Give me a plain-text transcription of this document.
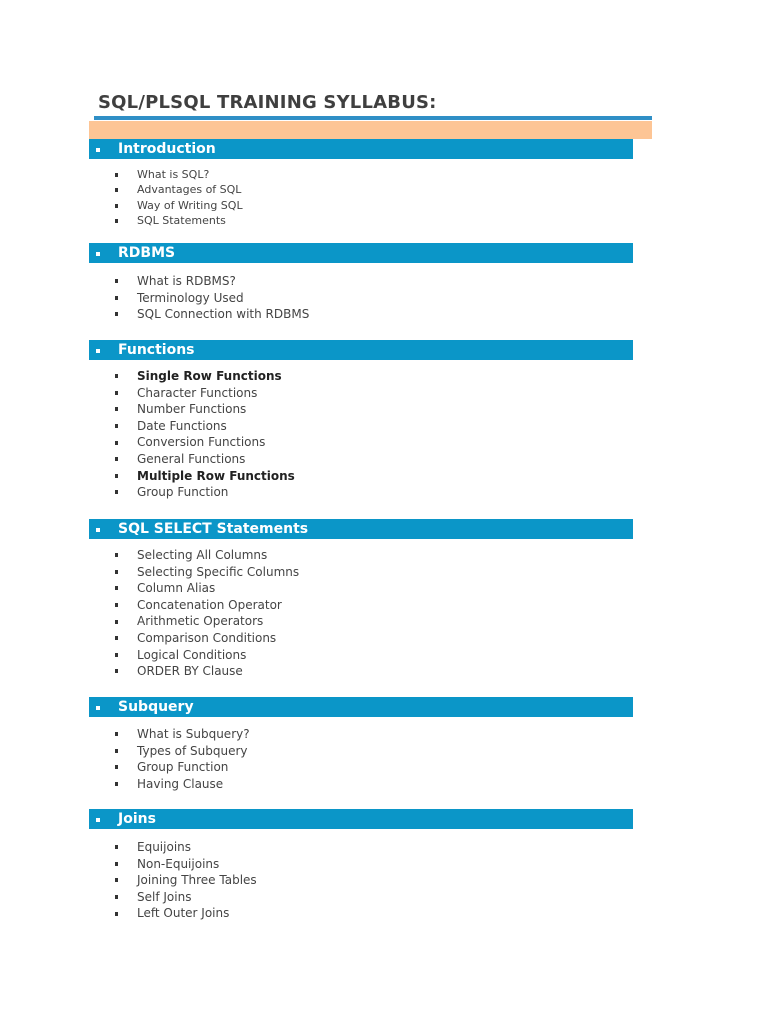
SQL/PLSQL TRAINING SYLLABUS:
Introduction
What is SQL?
Advantages of SQL
Way of Writing SQL
SQL Statements
RDBMS
What is RDBMS?
Terminology Used
SQL Connection with RDBMS
Functions
Single Row Functions
Character Functions
Number Functions
Date Functions
Conversion Functions
General Functions
Multiple Row Functions
Group Function
SQL SELECT Statements
Selecting All Columns
Selecting Specific Columns
Column Alias
Concatenation Operator
Arithmetic Operators
Comparison Conditions
Logical Conditions
ORDER BY Clause
Subquery
What is Subquery?
Types of Subquery
Group Function
Having Clause
Joins
Equijoins
Non-Equijoins
Joining Three Tables
Self Joins
Left Outer Joins
